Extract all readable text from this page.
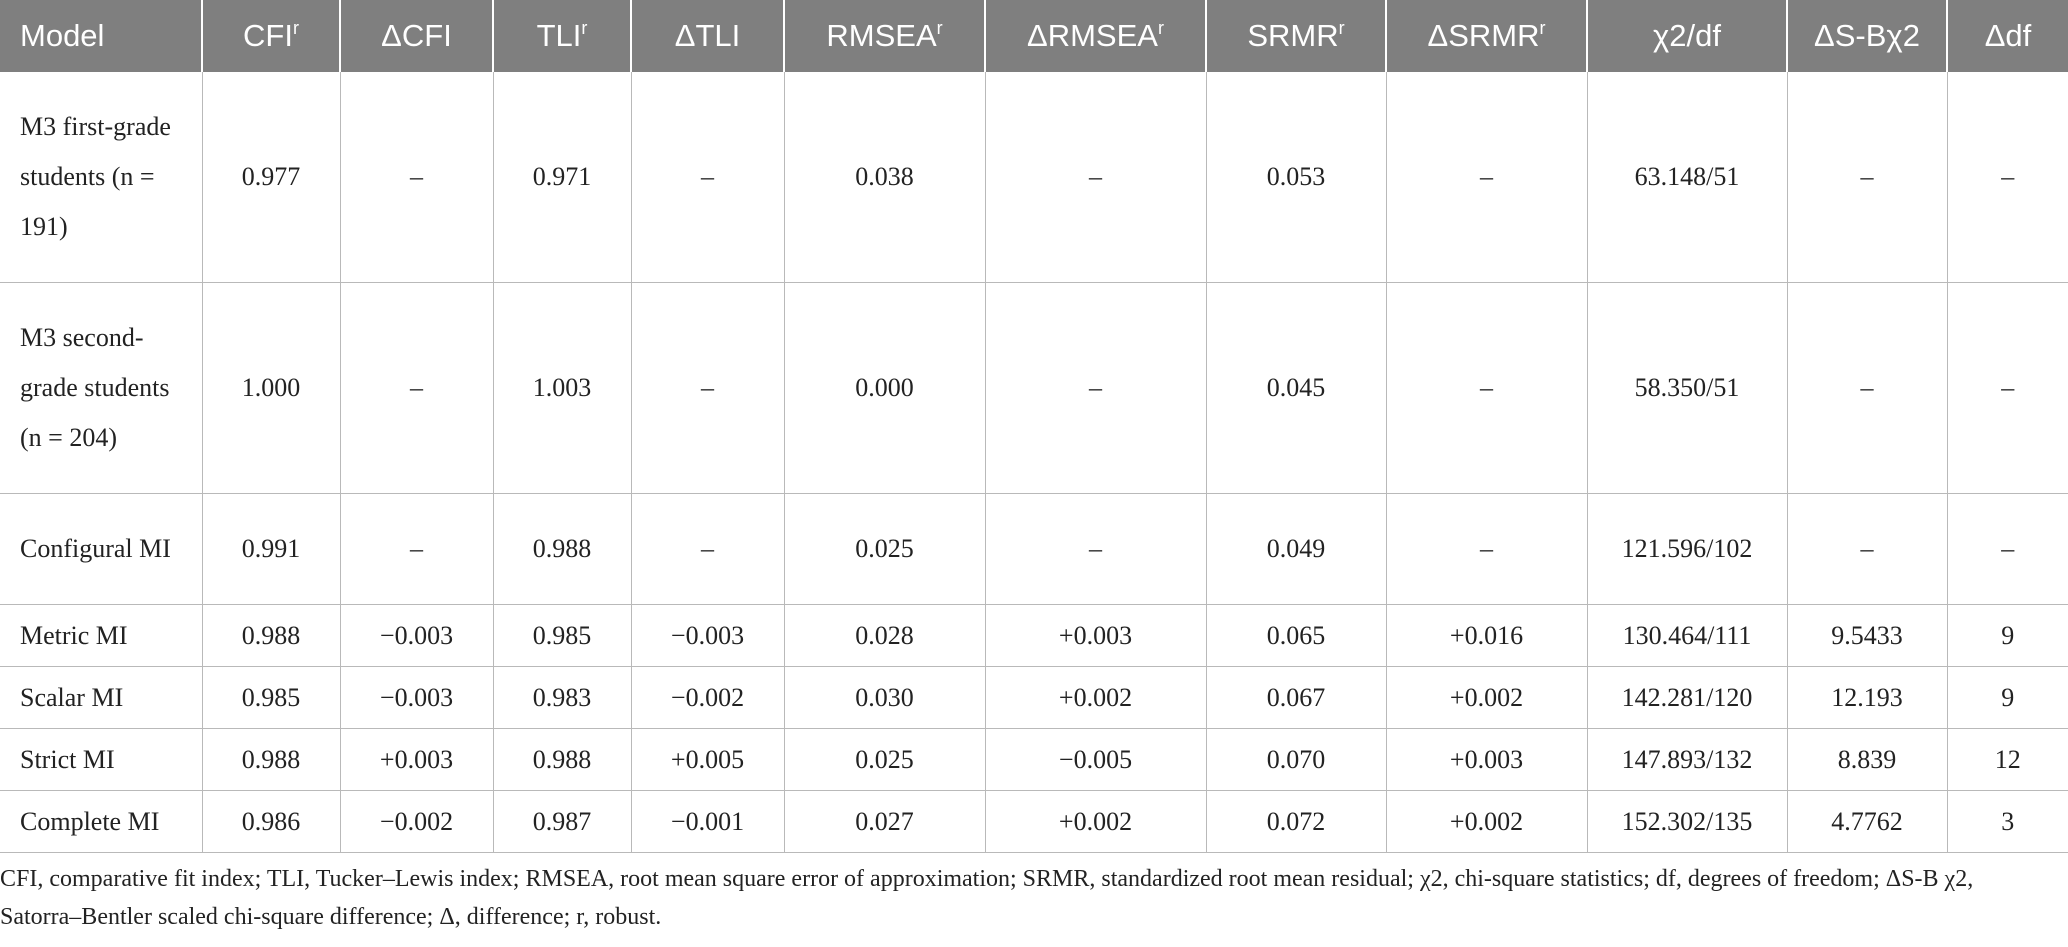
Model	CFI$^r$	ΔCFI	TLI$^r$	ΔTLI	RMSEA$^r$	ΔRMSEA$^r$	SRMR$^r$	ΔSRMR$^r$	χ2/df	ΔS-Bχ2	Δdf
M3 first-grade students (n = 191)	0.977	–	0.971	–	0.038	–	0.053	–	63.148/51	–	–
M3 second-grade students (n = 204)	1.000	–	1.003	–	0.000	–	0.045	–	58.350/51	–	–
Configural MI	0.991	–	0.988	–	0.025	–	0.049	–	121.596/102	–	–
Metric MI	0.988	−0.003	0.985	−0.003	0.028	+0.003	0.065	+0.016	130.464/111	9.5433	9
Scalar MI	0.985	−0.003	0.983	−0.002	0.030	+0.002	0.067	+0.002	142.281/120	12.193	9
Strict MI	0.988	+0.003	0.988	+0.005	0.025	−0.005	0.070	+0.003	147.893/132	8.839	12
Complete MI	0.986	−0.002	0.987	−0.001	0.027	+0.002	0.072	+0.002	152.302/135	4.7762	3
CFI, comparative fit index; TLI, Tucker–Lewis index; RMSEA, root mean square error of approximation; SRMR, standardized root mean residual; χ2, chi-square statistics; df, degrees of freedom; ΔS-B χ2, Satorra–Bentler scaled chi-square difference; Δ, difference; r, robust.
